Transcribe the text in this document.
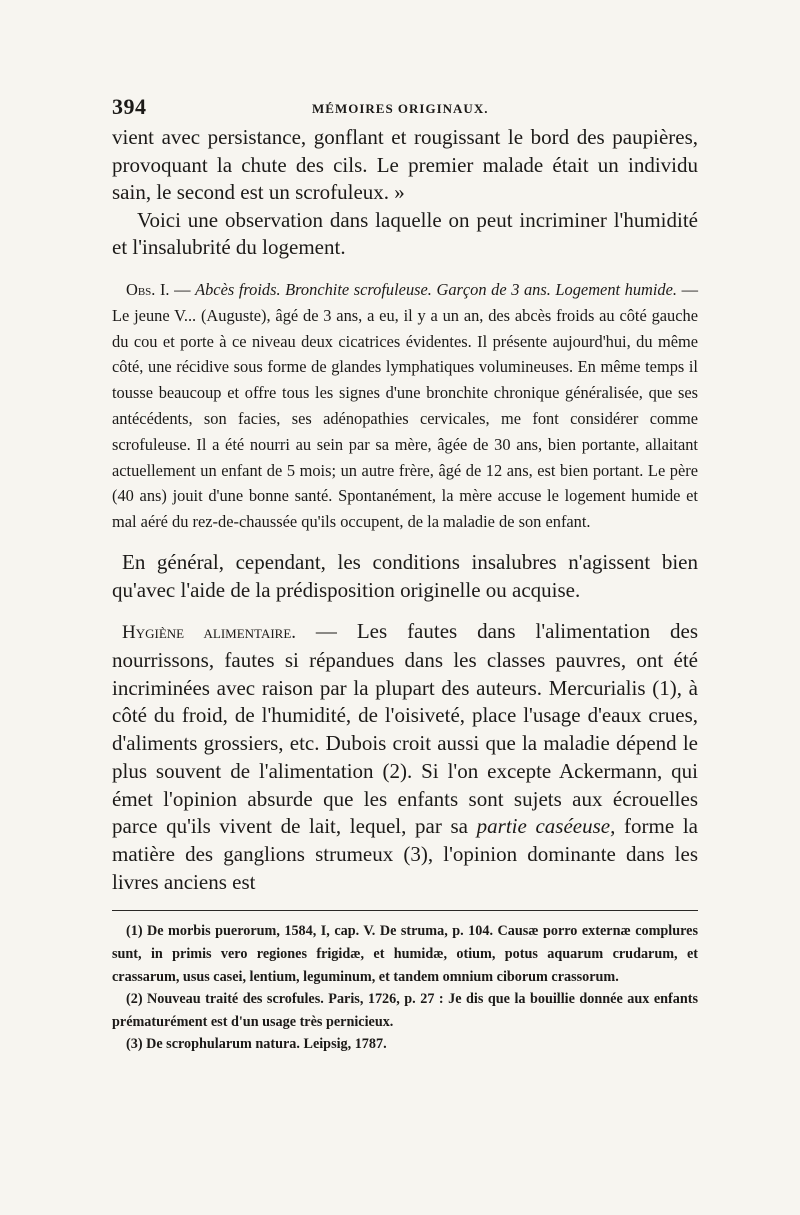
394	MÉMOIRES ORIGINAUX.

vient avec persistance, gonflant et rougissant le bord des paupières, provoquant la chute des cils. Le premier malade était un individu sain, le second est un scrofuleux. »

Voici une observation dans laquelle on peut incriminer l'humidité et l'insalubrité du logement.

Obs. I. — Abcès froids. Bronchite scrofuleuse. Garçon de 3 ans. Logement humide. — Le jeune V... (Auguste), âgé de 3 ans, a eu, il y a un an, des abcès froids au côté gauche du cou et porte à ce niveau deux cicatrices évidentes. Il présente aujourd'hui, du même côté, une récidive sous forme de glandes lymphatiques volumineuses. En même temps il tousse beaucoup et offre tous les signes d'une bronchite chronique généralisée, que ses antécédents, son facies, ses adénopathies cervicales, me font considérer comme scrofuleuse. Il a été nourri au sein par sa mère, âgée de 30 ans, bien portante, allaitant actuellement un enfant de 5 mois; un autre frère, âgé de 12 ans, est bien portant. Le père (40 ans) jouit d'une bonne santé. Spontanément, la mère accuse le logement humide et mal aéré du rez-de-chaussée qu'ils occupent, de la maladie de son enfant.

En général, cependant, les conditions insalubres n'agissent bien qu'avec l'aide de la prédisposition originelle ou acquise.

Hygiène alimentaire. — Les fautes dans l'alimentation des nourrissons, fautes si répandues dans les classes pauvres, ont été incriminées avec raison par la plupart des auteurs. Mercurialis (1), à côté du froid, de l'humidité, de l'oisiveté, place l'usage d'eaux crues, d'aliments grossiers, etc. Dubois croit aussi que la maladie dépend le plus souvent de l'alimentation (2). Si l'on excepte Ackermann, qui émet l'opinion absurde que les enfants sont sujets aux écrouelles parce qu'ils vivent de lait, lequel, par sa partie caséeuse, forme la matière des ganglions strumeux (3), l'opinion dominante dans les livres anciens est

(1) De morbis puerorum, 1584, I, cap. V. De struma, p. 104. Causæ porro externæ complures sunt, in primis vero regiones frigidæ, et humidæ, otium, potus aquarum crudarum, et crassarum, usus casei, lentium, leguminum, et tandem omnium ciborum crassorum.

(2) Nouveau traité des scrofules. Paris, 1726, p. 27 : Je dis que la bouillie donnée aux enfants prématurément est d'un usage très pernicieux.

(3) De scrophularum natura. Leipsig, 1787.
